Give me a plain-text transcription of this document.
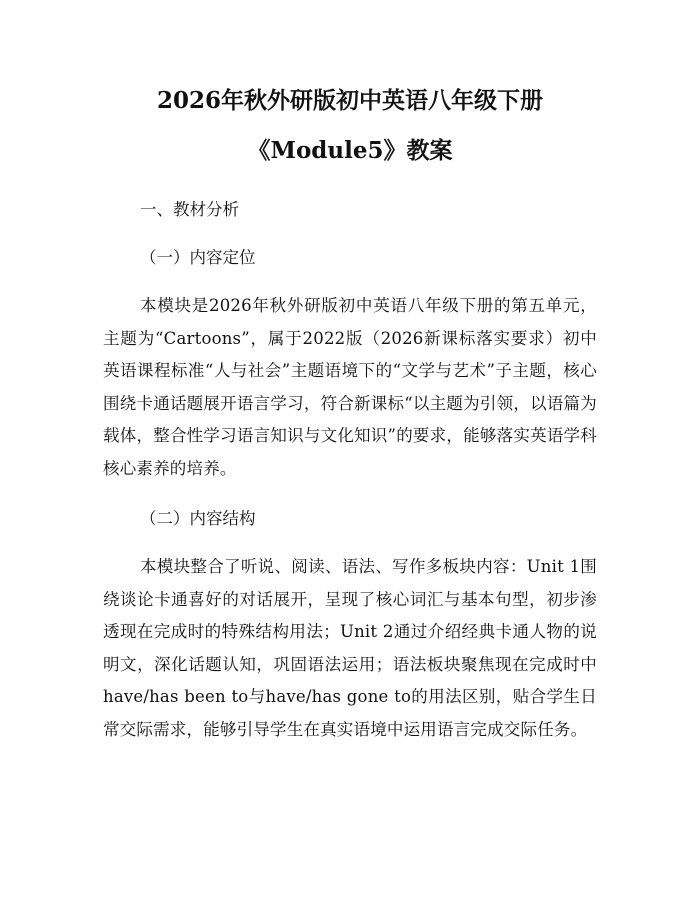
2026年秋外研版初中英语八年级下册
《Module5》教案

一、教材分析

（一）内容定位

本模块是2026年秋外研版初中英语八年级下册的第五单元，主题为“Cartoons”，属于2022版（2026新课标落实要求）初中英语课程标准“人与社会”主题语境下的“文学与艺术”子主题，核心围绕卡通话题展开语言学习，符合新课标“以主题为引领，以语篇为载体，整合性学习语言知识与文化知识”的要求，能够落实英语学科核心素养的培养。

（二）内容结构

本模块整合了听说、阅读、语法、写作多板块内容：Unit 1围绕谈论卡通喜好的对话展开，呈现了核心词汇与基本句型，初步渗透现在完成时的特殊结构用法；Unit 2通过介绍经典卡通人物的说明文，深化话题认知，巩固语法运用；语法板块聚焦现在完成时中have/has been to与have/has gone to的用法区别，贴合学生日常交际需求，能够引导学生在真实语境中运用语言完成交际任务。
